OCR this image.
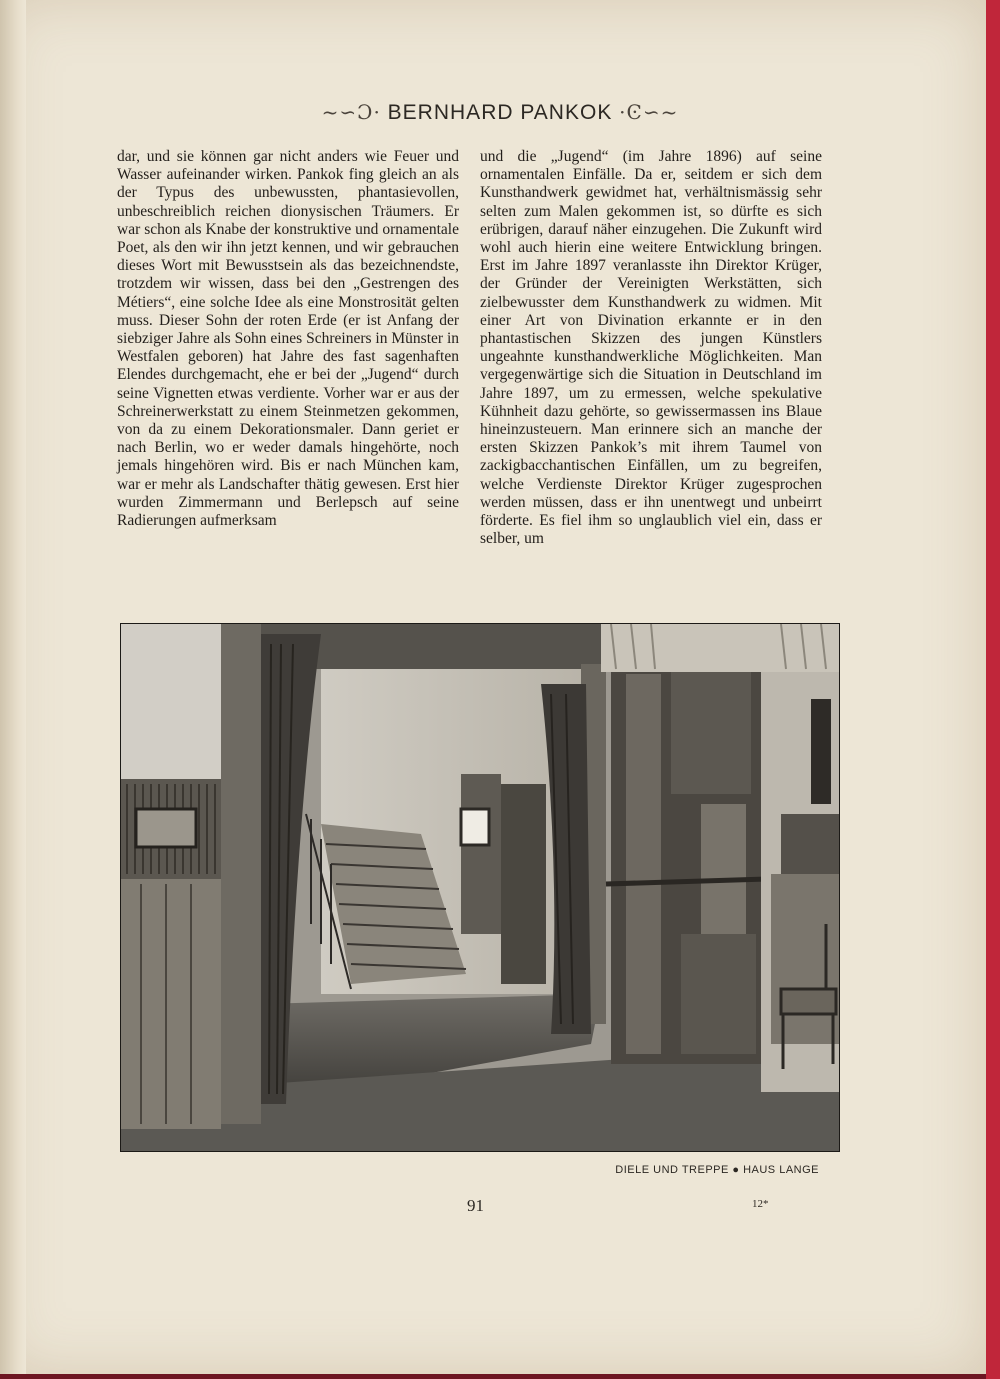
~∽Ɔ· BERNHARD PANKOK ·Ͼ∽~

dar, und sie können gar nicht anders wie Feuer und Wasser aufeinander wirken. Pankok fing gleich an als der Typus des unbewussten, phantasievollen, unbeschreiblich reichen dionysischen Träumers. Er war schon als Knabe der konstruktive und ornamentale Poet, als den wir ihn jetzt kennen, und wir gebrauchen dieses Wort mit Bewusstsein als das bezeichnendste, trotzdem wir wissen, dass bei den „Gestrengen des Métiers“, eine solche Idee als eine Monstrosität gelten muss. Dieser Sohn der roten Erde (er ist Anfang der siebziger Jahre als Sohn eines Schreiners in Münster in Westfalen geboren) hat Jahre des fast sagenhaften Elendes durchgemacht, ehe er bei der „Jugend“ durch seine Vignetten etwas verdiente. Vorher war er aus der Schreinerwerkstatt zu einem Steinmetzen gekommen, von da zu einem Dekorationsmaler. Dann geriet er nach Berlin, wo er weder damals hingehörte, noch jemals hingehören wird. Bis er nach München kam, war er mehr als Landschafter thätig gewesen. Erst hier wurden Zimmermann und Berlepsch auf seine Radierungen aufmerksam

und die „Jugend“ (im Jahre 1896) auf seine ornamentalen Einfälle. Da er, seitdem er sich dem Kunsthandwerk gewidmet hat, verhältnismässig sehr selten zum Malen gekommen ist, so dürfte es sich erübrigen, darauf näher einzugehen. Die Zukunft wird wohl auch hierin eine weitere Entwicklung bringen. Erst im Jahre 1897 veranlasste ihn Direktor Krüger, der Gründer der Vereinigten Werkstätten, sich zielbewusster dem Kunsthandwerk zu widmen. Mit einer Art von Divination erkannte er in den phantastischen Skizzen des jungen Künstlers ungeahnte kunsthandwerkliche Möglichkeiten. Man vergegenwärtige sich die Situation in Deutschland im Jahre 1897, um zu ermessen, welche spekulative Kühnheit dazu gehörte, so gewissermassen ins Blaue hineinzusteuern. Man erinnere sich an manche der ersten Skizzen Pankok’s mit ihrem Taumel von zackigbacchantischen Einfällen, um zu begreifen, welche Verdienste Direktor Krüger zugesprochen werden müssen, dass er ihn unentwegt und unbeirrt förderte. Es fiel ihm so unglaublich viel ein, dass er selber, um

DIELE UND TREPPE ● HAUS LANGE
91	12*
